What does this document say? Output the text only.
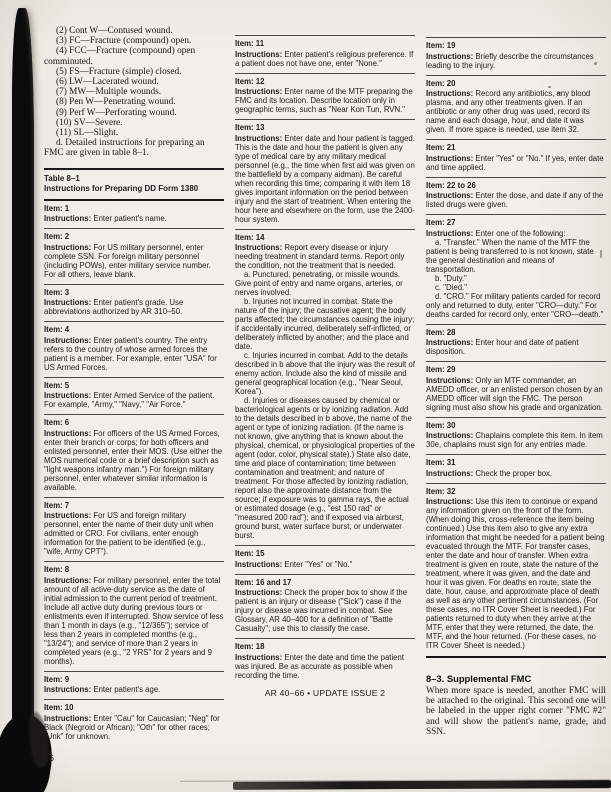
(2) Cont W—Contused wound.

(3) FC—Fracture (compound) open.

(4) FCC—Fracture (compound) open comminuted.

(5) FS—Fracture (simple) closed.

(6) LW—Lacerated wound.

(7) MW—Multiple wounds.

(8) Pen W—Penetrating wound.

(9) Perf W—Perforating wound.

(10) SV—Severe.

(11) SL—Slight.

d. Detailed instructions for preparing an FMC are given in table 8–1.

Table 8–1
Instructions for Preparing DD Form 1380
Item: 1

Instructions: Enter patient's name.

Item: 2

Instructions: For US military personnel, enter complete SSN. For foreign military personnel (including POWs), enter military service number. For all others, leave blank.

Item: 3

Instructions: Enter patient's grade. Use abbreviations authorized by AR 310–50.

Item: 4

Instructions: Enter patient's country. The entry refers to the country of whose armed forces the patient is a member. For example, enter "USA" for US Armed Forces.

Item: 5

Instructions: Enter Armed Service of the patient. For example, "Army," "Navy," "Air Force."

Item: 6

Instructions: For officers of the US Armed Forces, enter their branch or corps; for both officers and enlisted personnel, enter their MOS. (Use either the MOS numerical code or a brief description such as "light weapons infantry man.") For foreign military personnel, enter whatever similar information is available.

Item: 7

Instructions: For US and foreign military personnel, enter the name of their duty unit when admitted or CRO. For civilians, enter enough information for the patient to be identified (e.g., "wife, Army CPT").

Item: 8

Instructions: For military personnel, enter the total amount of all active-duty service as the date of initial admission to the current period of treatment. Include all active duty during previous tours or enlistments even if interrupted. Show service of less than 1 month in days (e.g., "12/365"); service of less than 2 years in completed months (e.g., "13/24"); and service of more than 2 years in completed years (e.g., "2 YRS" for 2 years and 9 months).

Item: 9

Instructions: Enter patient's age.

Item: 10

Instructions: Enter "Cau" for Caucasian; "Neg" for Black (Negroid or African); "Oth" for other races; "Unk" for unknown.

36
Item: 11

Instructions: Enter patient's religious preference. If a patient does not have one, enter "None."

Item: 12

Instructions: Enter name of the MTF preparing the FMC and its location. Describe location only in geographic terms, such as "Near Kon Tun, RVN."

Item: 13

Instructions: Enter date and hour patient is tagged. This is the date and hour the patient is given any type of medical care by any military medical personnel (e.g., the time when first aid was given on the battlefield by a company aidman). Be careful when recording this time; comparing it with item 18 gives important information on the period between injury and the start of treatment. When entering the hour here and elsewhere on the form, use the 2400-hour system.

Item: 14

Instructions: Report every disease or injury needing treatment in standard terms. Report only the condition, not the treatment that is needed.

a. Punctured, penetrating, or missile wounds. Give point of entry and name organs, arteries, or nerves involved.

b. Injuries not incurred in combat. State the nature of the injury; the causative agent; the body parts affected; the circumstances causing the injury; if accidentally incurred, deliberately self-inflicted, or deliberately inflicted by another; and the place and date.

c. Injuries incurred in combat. Add to the details described in b above that the injury was the result of enemy action. Include also the kind of missile and general geographical location (e.g., "Near Seoul, Korea").

d. Injuries or diseases caused by chemical or bacteriological agents or by ionizing radiation. Add to the details described in b above, the name of the agent or type of ionizing radiation. (If the name is not known, give anything that is known about the physical, chemical, or physiological properties of the agent (odor, color, physical state).) State also date, time and place of contamination; time between contamination and treatment; and nature of treatment. For those affected by ionizing radiation, report also the approximate distance from the source; if exposure was to gamma rays, the actual or estimated dosage (e.g., "est 150 rad" or "measured 200 rad"); and if exposed via airburst, ground burst, water surface burst, or underwater burst.

Item: 15

Instructions: Enter "Yes" or "No."

Item: 16 and 17

Instructions: Check the proper box to show if the patient is an injury or disease ("Sick") case if the injury or disease was incurred in combat. See Glossary, AR 40–400 for a definition of "Battle Casualty"; use this to classify the case.

Item: 18

Instructions: Enter the date and time the patient was injured. Be as accurate as possible when recording the time.

AR 40–66 • UPDATE ISSUE 2
Item: 19

Instructions: Briefly describe the circumstances leading to the injury.

Item: 20

Instructions: Record any antibiotics, any blood plasma, and any other treatments given. If an antibiotic or any other drug was used, record its name and each dosage, hour, and date it was given. If more space is needed, use item 32.

Item: 21

Instructions: Enter "Yes" or "No." If yes, enter date and time applied.

Item: 22 to 26

Instructions: Enter the dose, and date if any of the listed drugs were given.

Item: 27

Instructions: Enter one of the following:

a. "Transfer." When the name of the MTF the patient is being transferred to is not known, state the general destination and means of transportation.

b. "Duty."

c. "Died."

d. "CRO." For military patients carded for record only and returned to duty, enter "CRO—duty." For deaths carded for record only, enter "CRO—death."

Item: 28

Instructions: Enter hour and date of patient disposition.

Item: 29

Instructions: Only an MTF commander, an AMEDD officer, or an enlisted person chosen by an AMEDD officer will sign the FMC. The person signing must also show his grade and organization.

Item: 30

Instructions: Chaplains complete this item. In item 30e, chaplains must sign for any entries made.

Item: 31

Instructions: Check the proper box.

Item: 32

Instructions: Use this item to continue or expand any information given on the front of the form. (When doing this, cross-reference the item being continued.) Use this item also to give any extra information that might be needed for a patient being evacuated through the MTF. For transfer cases, enter the date and hour of transfer. When extra treatment is given en route, state the nature of the treatment, where it was given, and the date and hour it was given. For deaths en route, state the date, hour, cause, and approximate place of death as well as any other pertinent circumstances. (For these cases, no ITR Cover Sheet is needed.) For patients returned to duty when they arrive at the MTF, enter that they were returned, the date, the MTF, and the hour returned. (For these cases, no ITR Cover Sheet is needed.)

8–3. Supplemental FMC

When more space is needed, another FMC will be attached to the original. This second one will be labeled in the upper right corner "FMC #2" and will show the patient's name, grade, and SSN.
